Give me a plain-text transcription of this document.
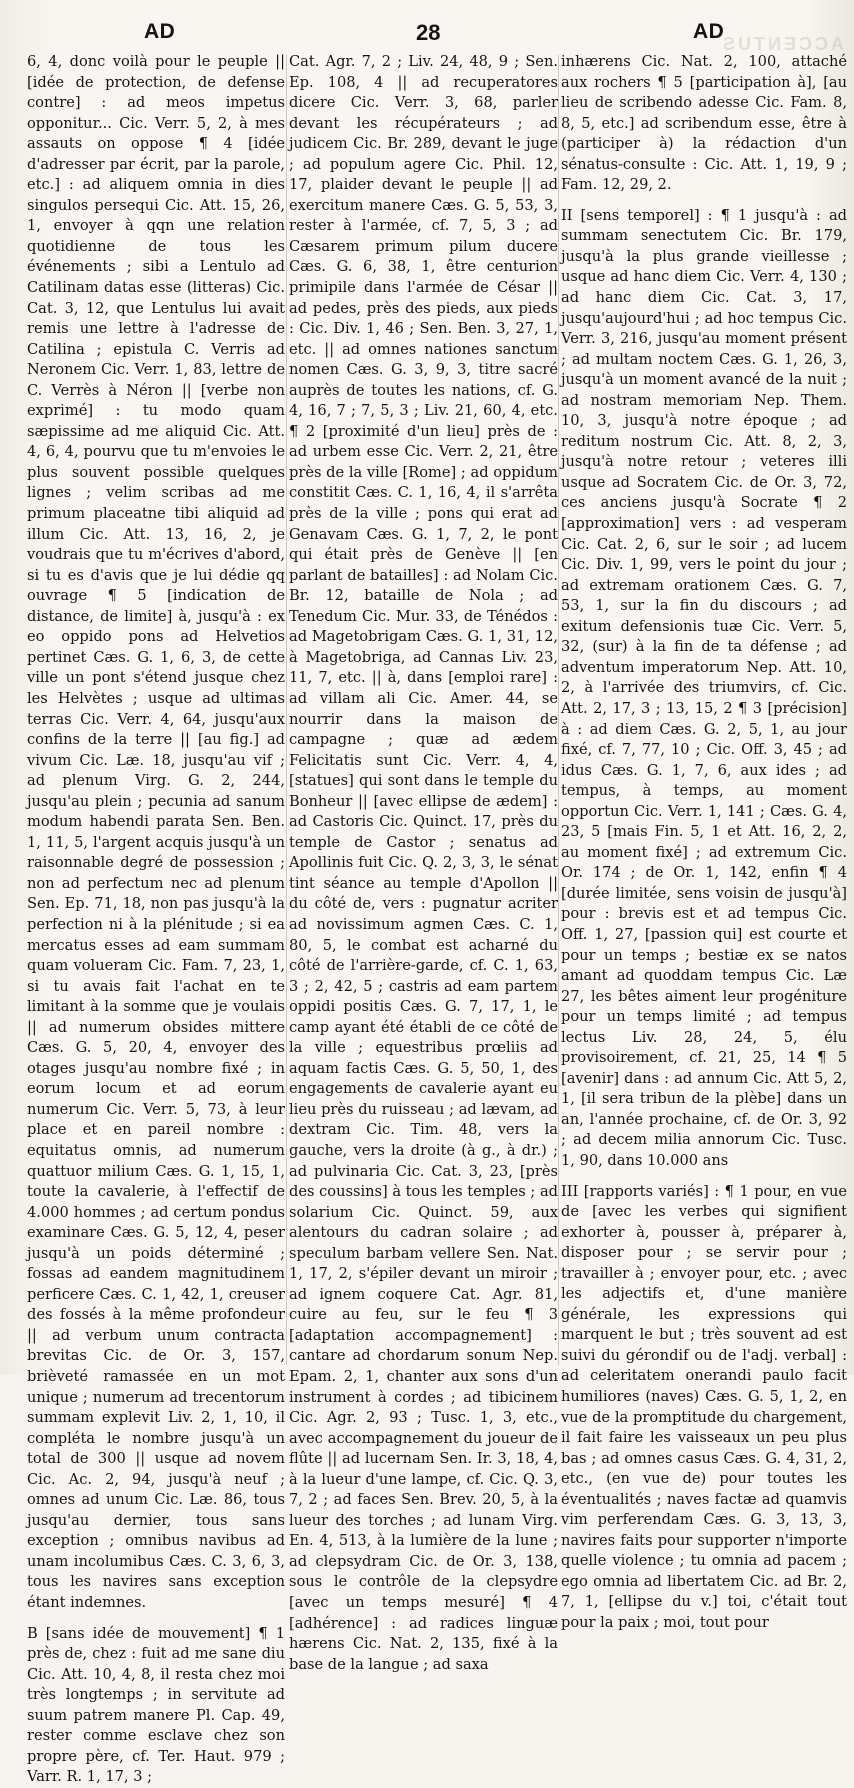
AD	28	AD
ACCENTUS

6, 4, donc voilà pour le peuple || [idée de protection, de defense contre] : ad meos impetus opponitur... Cic. Verr. 5, 2, à mes assauts on oppose ¶ 4 [idée d'adresser par écrit, par la parole, etc.] : ad aliquem omnia in dies singulos persequi Cic. Att. 15, 26, 1, envoyer à qqn une relation quotidienne de tous les événements ; sibi a Lentulo ad Catilinam datas esse (litteras) Cic. Cat. 3, 12, que Lentulus lui avait remis une lettre à l'adresse de Catilina ; epistula C. Verris ad Neronem Cic. Verr. 1, 83, lettre de C. Verrès à Néron || [verbe non exprimé] : tu modo quam sæpissime ad me aliquid Cic. Att. 4, 6, 4, pourvu que tu m'envoies le plus souvent possible quelques lignes ; velim scribas ad me primum placeatne tibi aliquid ad illum Cic. Att. 13, 16, 2, je voudrais que tu m'écrives d'abord, si tu es d'avis que je lui dédie qq ouvrage ¶ 5 [indication de distance, de limite] à, jusqu'à : ex eo oppido pons ad Helvetios pertinet Cæs. G. 1, 6, 3, de cette ville un pont s'étend jusque chez les Helvètes ; usque ad ultimas terras Cic. Verr. 4, 64, jusqu'aux confins de la terre || [au fig.] ad vivum Cic. Læ. 18, jusqu'au vif ; ad plenum Virg. G. 2, 244, jusqu'au plein ; pecunia ad sanum modum habendi parata Sen. Ben. 1, 11, 5, l'argent acquis jusqu'à un raisonnable degré de possession ; non ad perfectum nec ad plenum Sen. Ep. 71, 18, non pas jusqu'à la perfection ni à la plénitude ; si ea mercatus esses ad eam summam quam volueram Cic. Fam. 7, 23, 1, si tu avais fait l'achat en te limitant à la somme que je voulais || ad numerum obsides mittere Cæs. G. 5, 20, 4, envoyer des otages jusqu'au nombre fixé ; in eorum locum et ad eorum numerum Cic. Verr. 5, 73, à leur place et en pareil nombre : equitatus omnis, ad numerum quattuor milium Cæs. G. 1, 15, 1, toute la cavalerie, à l'effectif de 4.000 hommes ; ad certum pondus examinare Cæs. G. 5, 12, 4, peser jusqu'à un poids déterminé ; fossas ad eandem magnitudinem perficere Cæs. C. 1, 42, 1, creuser des fossés à la même profondeur || ad verbum unum contracta brevitas Cic. de Or. 3, 157, brièveté ramassée en un mot unique ; numerum ad trecentorum summam explevit Liv. 2, 1, 10, il compléta le nombre jusqu'à un total de 300 || usque ad novem Cic. Ac. 2, 94, jusqu'à neuf ; omnes ad unum Cic. Læ. 86, tous jusqu'au dernier, tous sans exception ; omnibus navibus ad unam incolumibus Cæs. C. 3, 6, 3, tous les navires sans exception étant indemnes.

B [sans idée de mouvement] ¶ 1 près de, chez : fuit ad me sane diu Cic. Att. 10, 4, 8, il resta chez moi très longtemps ; in servitute ad suum patrem manere Pl. Cap. 49, rester comme esclave chez son propre père, cf. Ter. Haut. 979 ; Varr. R. 1, 17, 3 ;

Cat. Agr. 7, 2 ; Liv. 24, 48, 9 ; Sen. Ep. 108, 4 || ad recuperatores dicere Cic. Verr. 3, 68, parler devant les récupérateurs ; ad judicem Cic. Br. 289, devant le juge ; ad populum agere Cic. Phil. 12, 17, plaider devant le peuple || ad exercitum manere Cæs. G. 5, 53, 3, rester à l'armée, cf. 7, 5, 3 ; ad Cæsarem primum pilum ducere Cæs. G. 6, 38, 1, être centurion primipile dans l'armée de César || ad pedes, près des pieds, aux pieds : Cic. Div. 1, 46 ; Sen. Ben. 3, 27, 1, etc. || ad omnes nationes sanctum nomen Cæs. G. 3, 9, 3, titre sacré auprès de toutes les nations, cf. G. 4, 16, 7 ; 7, 5, 3 ; Liv. 21, 60, 4, etc. ¶ 2 [proximité d'un lieu] près de : ad urbem esse Cic. Verr. 2, 21, être près de la ville [Rome] ; ad oppidum constitit Cæs. C. 1, 16, 4, il s'arrêta près de la ville ; pons qui erat ad Genavam Cæs. G. 1, 7, 2, le pont qui était près de Genève || [en parlant de batailles] : ad Nolam Cic. Br. 12, bataille de Nola ; ad Tenedum Cic. Mur. 33, de Ténédos : ad Magetobrigam Cæs. G. 1, 31, 12, à Magetobriga, ad Cannas Liv. 23, 11, 7, etc. || à, dans [emploi rare] : ad villam ali Cic. Amer. 44, se nourrir dans la maison de campagne ; quæ ad ædem Felicitatis sunt Cic. Verr. 4, 4, [statues] qui sont dans le temple du Bonheur || [avec ellipse de ædem] : ad Castoris Cic. Quinct. 17, près du temple de Castor ; senatus ad Apollinis fuit Cic. Q. 2, 3, 3, le sénat tint séance au temple d'Apollon || du côté de, vers : pugnatur acriter ad novissimum agmen Cæs. C. 1, 80, 5, le combat est acharné du côté de l'arrière-garde, cf. C. 1, 63, 3 ; 2, 42, 5 ; castris ad eam partem oppidi positis Cæs. G. 7, 17, 1, le camp ayant été établi de ce côté de la ville ; equestribus prœliis ad aquam factis Cæs. G. 5, 50, 1, des engagements de cavalerie ayant eu lieu près du ruisseau ; ad lævam, ad dextram Cic. Tim. 48, vers la gauche, vers la droite (à g., à dr.) ; ad pulvinaria Cic. Cat. 3, 23, [près des coussins] à tous les temples ; ad solarium Cic. Quinct. 59, aux alentours du cadran solaire ; ad speculum barbam vellere Sen. Nat. 1, 17, 2, s'épiler devant un miroir ; ad ignem coquere Cat. Agr. 81, cuire au feu, sur le feu ¶ 3 [adaptation accompagnement] : cantare ad chordarum sonum Nep. Epam. 2, 1, chanter aux sons d'un instrument à cordes ; ad tibicinem Cic. Agr. 2, 93 ; Tusc. 1, 3, etc., avec accompagnement du joueur de flûte || ad lucernam Sen. Ir. 3, 18, 4, à la lueur d'une lampe, cf. Cic. Q. 3, 7, 2 ; ad faces Sen. Brev. 20, 5, à la lueur des torches ; ad lunam Virg. En. 4, 513, à la lumière de la lune ; ad clepsydram Cic. de Or. 3, 138, sous le contrôle de la clepsydre [avec un temps mesuré] ¶ 4 [adhérence] : ad radices linguæ hærens Cic. Nat. 2, 135, fixé à la base de la langue ; ad saxa

inhærens Cic. Nat. 2, 100, attaché aux rochers ¶ 5 [participation à], [au lieu de scribendo adesse Cic. Fam. 8, 8, 5, etc.] ad scribendum esse, être à (participer à) la rédaction d'un sénatus-consulte : Cic. Att. 1, 19, 9 ; Fam. 12, 29, 2.

II [sens temporel] : ¶ 1 jusqu'à : ad summam senectutem Cic. Br. 179, jusqu'à la plus grande vieillesse ; usque ad hanc diem Cic. Verr. 4, 130 ; ad hanc diem Cic. Cat. 3, 17, jusqu'aujourd'hui ; ad hoc tempus Cic. Verr. 3, 216, jusqu'au moment présent ; ad multam noctem Cæs. G. 1, 26, 3, jusqu'à un moment avancé de la nuit ; ad nostram memoriam Nep. Them. 10, 3, jusqu'à notre époque ; ad reditum nostrum Cic. Att. 8, 2, 3, jusqu'à notre retour ; veteres illi usque ad Socratem Cic. de Or. 3, 72, ces anciens jusqu'à Socrate ¶ 2 [approximation] vers : ad vesperam Cic. Cat. 2, 6, sur le soir ; ad lucem Cic. Div. 1, 99, vers le point du jour ; ad extremam orationem Cæs. G. 7, 53, 1, sur la fin du discours ; ad exitum defensionis tuæ Cic. Verr. 5, 32, (sur) à la fin de ta défense ; ad adventum imperatorum Nep. Att. 10, 2, à l'arrivée des triumvirs, cf. Cic. Att. 2, 17, 3 ; 13, 15, 2 ¶ 3 [précision] à : ad diem Cæs. G. 2, 5, 1, au jour fixé, cf. 7, 77, 10 ; Cic. Off. 3, 45 ; ad idus Cæs. G. 1, 7, 6, aux ides ; ad tempus, à temps, au moment opportun Cic. Verr. 1, 141 ; Cæs. G. 4, 23, 5 [mais Fin. 5, 1 et Att. 16, 2, 2, au moment fixé] ; ad extremum Cic. Or. 174 ; de Or. 1, 142, enfin ¶ 4 [durée limitée, sens voisin de jusqu'à] pour : brevis est et ad tempus Cic. Off. 1, 27, [passion qui] est courte et pour un temps ; bestiæ ex se natos amant ad quoddam tempus Cic. Læ 27, les bêtes aiment leur progéniture pour un temps limité ; ad tempus lectus Liv. 28, 24, 5, élu provisoirement, cf. 21, 25, 14 ¶ 5 [avenir] dans : ad annum Cic. Att 5, 2, 1, [il sera tribun de la plèbe] dans un an, l'année prochaine, cf. de Or. 3, 92 ; ad decem milia annorum Cic. Tusc. 1, 90, dans 10.000 ans

III [rapports variés] : ¶ 1 pour, en vue de [avec les verbes qui signifient exhorter à, pousser à, préparer à, disposer pour ; se servir pour ; travailler à ; envoyer pour, etc. ; avec les adjectifs et, d'une manière générale, les expressions qui marquent le but ; très souvent ad est suivi du gérondif ou de l'adj. verbal] : ad celeritatem onerandi paulo facit humiliores (naves) Cæs. G. 5, 1, 2, en vue de la promptitude du chargement, il fait faire les vaisseaux un peu plus bas ; ad omnes casus Cæs. G. 4, 31, 2, etc., (en vue de) pour toutes les éventualités ; naves factæ ad quamvis vim perferendam Cæs. G. 3, 13, 3, navires faits pour supporter n'importe quelle violence ; tu omnia ad pacem ; ego omnia ad libertatem Cic. ad Br. 2, 7, 1, [ellipse du v.] toi, c'était tout pour la paix ; moi, tout pour
